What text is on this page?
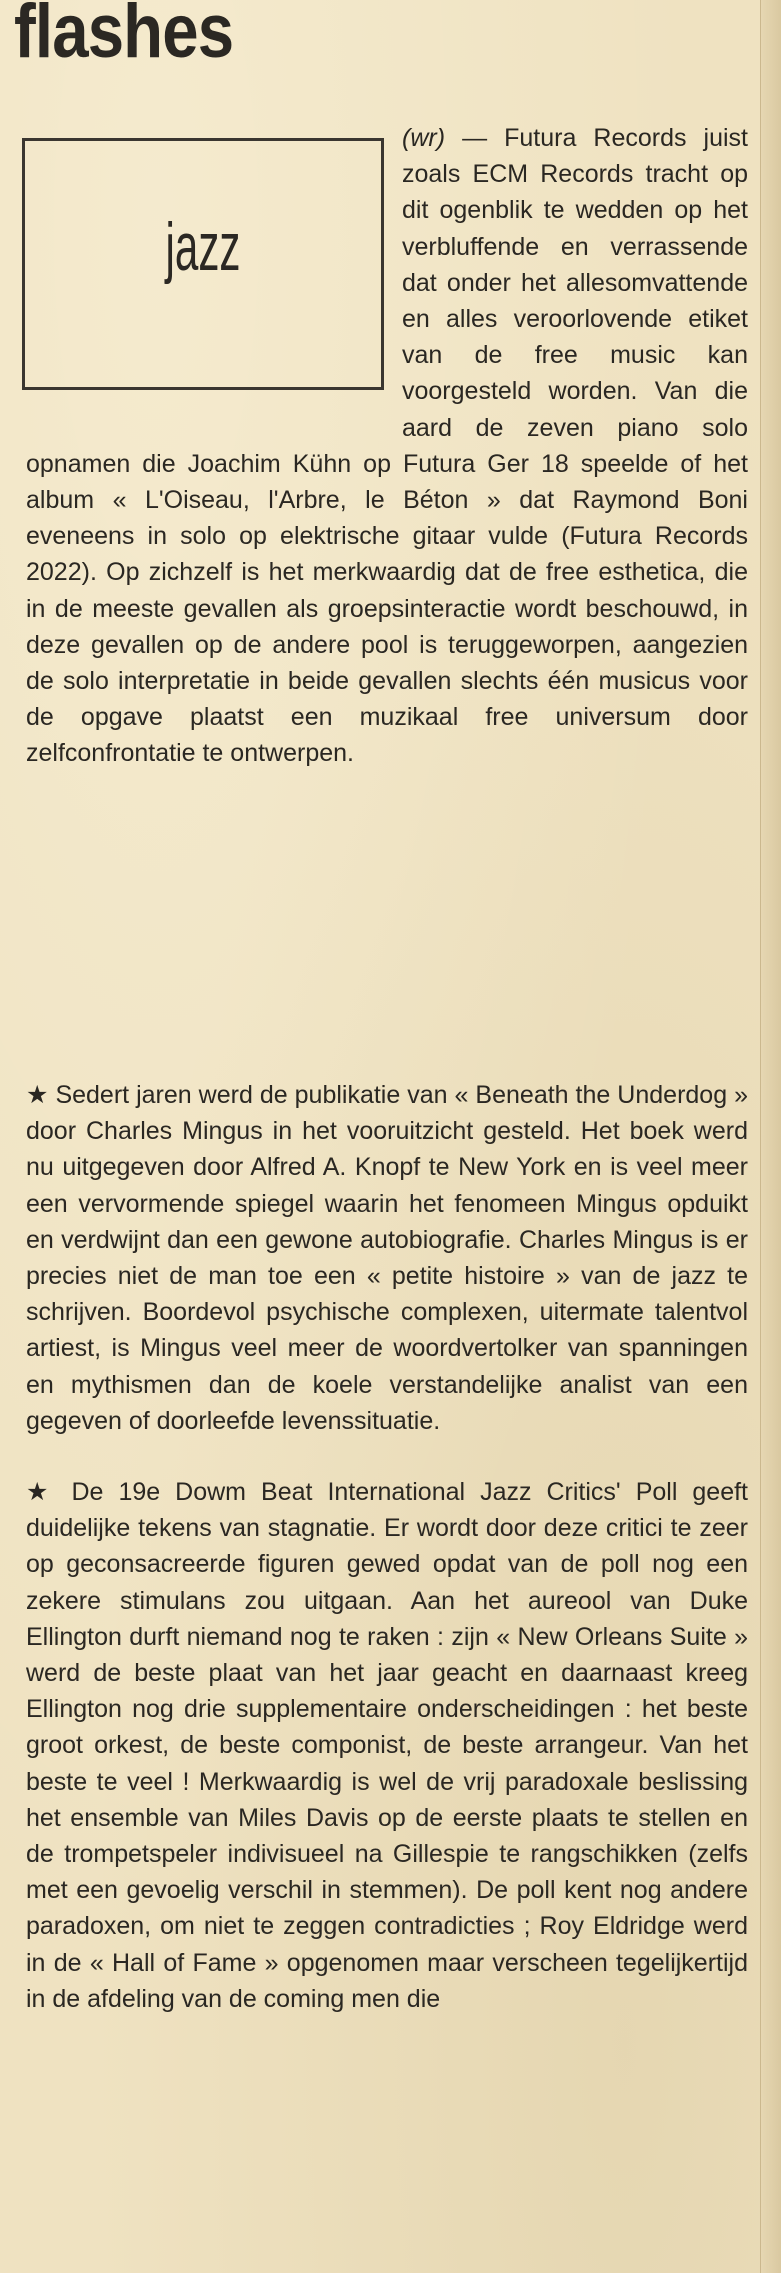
flashes
jazz

(wr) — Futura Records juist zoals ECM Records tracht op dit ogenblik te wedden op het verbluffende en verrassende dat onder het allesomvattende en alles veroorlovende etiket van de free music kan voorgesteld worden. Van die aard de zeven piano solo opnamen die Joachim Kühn op Futura Ger 18 speelde of het album « L'Oiseau, l'Arbre, le Béton » dat Raymond Boni eveneens in solo op elektrische gitaar vulde (Futura Records 2022). Op zichzelf is het merkwaardig dat de free esthetica, die in de meeste gevallen als groepsinteractie wordt beschouwd, in deze gevallen op de andere pool is teruggeworpen, aangezien de solo interpretatie in beide gevallen slechts één musicus voor de opgave plaatst een muzikaal free universum door zelfconfrontatie te ontwerpen.

★ Sedert jaren werd de publikatie van « Beneath the Underdog » door Charles Mingus in het vooruitzicht gesteld. Het boek werd nu uitgegeven door Alfred A. Knopf te New York en is veel meer een vervormende spiegel waarin het fenomeen Mingus opduikt en verdwijnt dan een gewone autobiografie. Charles Mingus is er precies niet de man toe een « petite histoire » van de jazz te schrijven. Boordevol psychische complexen, uitermate talentvol artiest, is Mingus veel meer de woordvertolker van spanningen en mythismen dan de koele verstandelijke analist van een gegeven of doorleefde levenssituatie.

★ De 19e Dowm Beat International Jazz Critics' Poll geeft duidelijke tekens van stagnatie. Er wordt door deze critici te zeer op geconsacreerde figuren gewed opdat van de poll nog een zekere stimulans zou uitgaan. Aan het aureool van Duke Ellington durft niemand nog te raken : zijn « New Orleans Suite » werd de beste plaat van het jaar geacht en daarnaast kreeg Ellington nog drie supplementaire onderscheidingen : het beste groot orkest, de beste componist, de beste arrangeur. Van het beste te veel ! Merkwaardig is wel de vrij paradoxale beslissing het ensemble van Miles Davis op de eerste plaats te stellen en de trompetspeler indivisueel na Gillespie te rangschikken (zelfs met een gevoelig verschil in stemmen). De poll kent nog andere paradoxen, om niet te zeggen contradicties ; Roy Eldridge werd in de « Hall of Fame » opgenomen maar verscheen tegelijkertijd in de afdeling van de coming men die
